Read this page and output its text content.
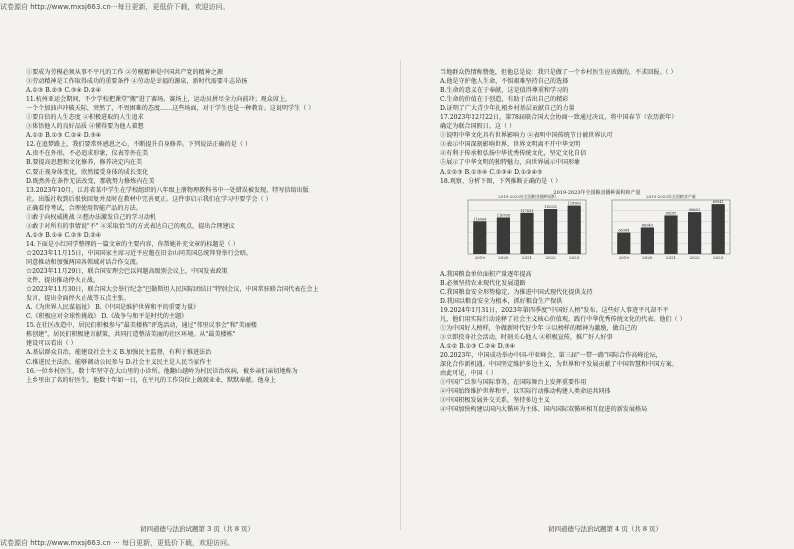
试卷源自 http://www.mxsj663.cn···每日更新，更低价下载，欢迎访问。
①要成为劳模必须从事不平凡的工作 ②劳模精神是中国共产党的精神之源
③劳动精神是工作取得成功的重要条件 ④劳动是幸福的源泉，新时代需要斗志昂扬
A.①③ B.②③ C.③④ D.②④
11.杭州亚运会期间，不少学校把课堂"搬"进了赛场。赛场上，运动员拼尽全力向前冲；观众席上，
一个个加油声冲破天际，突然了，不畏困难的态度……这些场面，对于学生也是一种教育。这说明学生（ ）
①要自信的人生态度 ②积极进取的人生追求
③体悟他人的良好品质 ④懂得要为他人着想
A.①② B.①③ C.②④ D.③④
12.在追梦路上，我们要常怀感恩之心，不断提升自身修养。下列说法正确的是（ ）
A.贵不在外形，不必追求形象，仪表等外在美
B.要提高思想和文化修养，修养决定内在美
C.要正视身体变化，欣然接受身体的成长变化
D.既然外在条件无法改变，那就努力修炼内在美
13.2023年10月，江苏省某中学生在学校组织的八年级上册物理教科书中一处错误被发现，特写信给出版
社。出版社收到后很快回复并及时在教材中完善更正。这件事启示我们在学习中要学会（ ）
正确看待考试，合理使用智能产品的方法。
①敢于向权威挑战 ②想办法激发自己的学习动机
③敢于对所有的事情说"不" ④采取恰当的方式表达自己的观点，提出合理建议
A.①③ B.①④ C.②③ D.②④
14.下面是小红同学整理的一篇文章的主要内容，你帮她补充文章的标题是（ ）
☆2023年11月15日，中国国家主席习近平应邀在旧金山同美国总统拜登举行会晤。
同意推动和加强两国各领域对话合作交流。
☆2023年11月29日，联合国安理会巴以问题高级别会议上，中国发表政策
文件，提出推动停火止战。
☆2023年11月30日，联合国大会举行纪念"巴勒斯坦人民国际团结日"特别会议，中国常驻联合国代表在会上
发言，提出全面停火止战等五点主张。
A.《为世界人民谋福祉》 B.《中国是维护世界和平的重要力量》
C.《积极应对全球性挑战》 D.《战争与和平是时代的主题》
15.在社区改造中，居民们积极参与"最美楼栋"评选活动，通过"邻里议事会"和"美丽楼
栋创建"，居民们积极建言献策，共同打造整洁美丽的社区环境。从"最美楼栋"
建设可以看出（ ）
A.基层群众自治，能建设社会主义 B.加强民主监督，有利于推进法治
C.推进民主法治，能够调动公民参与 D.社会主义民主是人民当家作主
16.一位乡村医生，数十年坚守在大山里的小诊所。他翻山越岭为村民诊治疾病，被乡亲们亲切地称为
上乡里出了名的好医生，他数十年如一日，在平凡的工作岗位上兢兢业业，默默奉献。他身上
当地群众热情称赞他，但他总是说：我只是做了一个乡村医生应该做的，不求回报。（ ）
A.他是守护他人生命，不惧艰难坚持自己的选择
B.生命的意义在于奉献，这是值得尊重和学习的
C.生命的价值在于创造，有助于活出自己的精彩
D.证明了广大青少年扎根乡村基层贡献自己的力量
17.2023年12月22日，第78届联合国大会协商一致通过决议，将中国春节（农历新年）
确定为联合国假日。这（ ）
①说明中华文化具有世界影响力 ②表明中国传统节日被世界认可
③表示中国深刻影响世界，世界文明离不开中华文明
④有利于传承和弘扬中华优秀传统文化，坚定文化自信
⑤展示了中华文明的独特魅力，向世界展示中国形象
A.①②③ B.①③④ C.②③④ D.①②④⑤
18.观察、分析下图，下列推断正确的是（ ）
2019-2023年全国粮食播种面积和产量
2019-2023年全国粮食播种面积
116064
2019
116768
2020
117631
2021
118332
2022
118969
2023
2019-2023年全国粮食产量
66384
2019
66949
2020
68285
2021
68653
2022
69541
2023
A.我国粮食单位面积产量逐年提高
B.必须坚持农业现代化发展道路
C.我国粮食安全形势稳定，为推进中国式现代化提供支持
D.我国以粮食安全为根本，抓好粮食生产保供
19.2024年1月31日，2023年第四季度"中国好人榜"发布，这些好人事迹平凡却不平
凡，他们用实际行动诠释了社会主义核心价值观，践行中华优秀传统文化的代表。他们（ ）
①为中国好人榜样，争做新时代好少年 ②以榜样的精神为激励，做自己的
③立即投身社会活动，时刻关心他人 ④积极宣传，推广好人好事
A.①② B.①③ C.②④ D.③④
20.2023年，中国成功举办中国-中亚峰会、第三届"一带一路"国际合作高峰论坛，
深化合作新机遇。中国坚定维护多边主义，为世界和平发展贡献了中国智慧和中国方案。
由此可见，中国（ ）
①中国广泛参与国际事务，在国际舞台上发挥重要作用
②中国始终维护世界和平，以实际行动推动构建人类命运共同体
③中国积极发展外交关系，坚持多边主义
④中国加快构建以国内大循环为主体、国内国际双循环相互促进的新发展格局
初四道德与法治试题第 3 页（共 8 页）	初四道德与法治试题第 4 页（共 8 页）
试卷源自 http://www.mxsj663.cn ··· 每日更新，更低价下载，欢迎访问。
